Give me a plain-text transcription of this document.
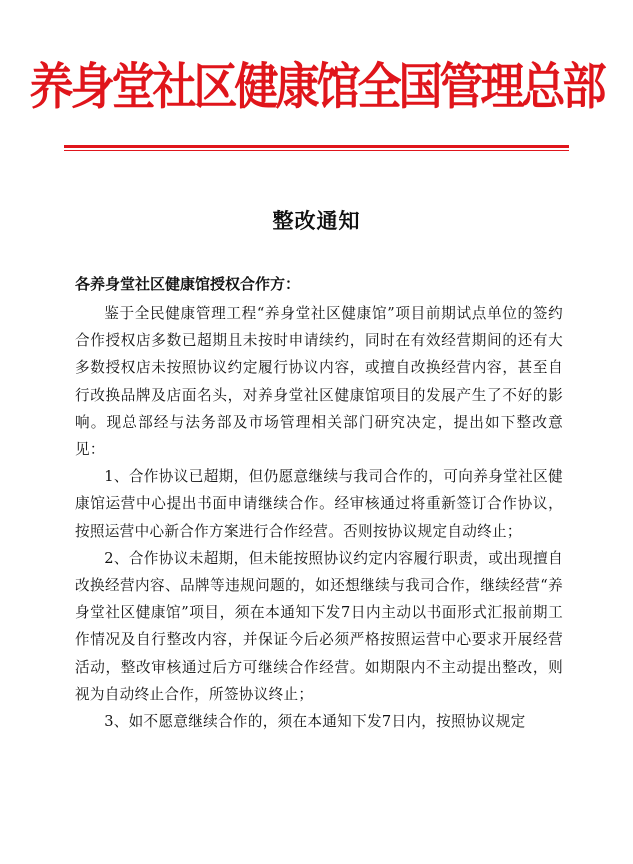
养身堂社区健康馆全国管理总部
整改通知
各养身堂社区健康馆授权合作方：

鉴于全民健康管理工程“养身堂社区健康馆”项目前期试点单位的签约合作授权店多数已超期且未按时申请续约，同时在有效经营期间的还有大多数授权店未按照协议约定履行协议内容，或擅自改换经营内容，甚至自行改换品牌及店面名头，对养身堂社区健康馆项目的发展产生了不好的影响。现总部经与法务部及市场管理相关部门研究决定，提出如下整改意见：

1、合作协议已超期，但仍愿意继续与我司合作的，可向养身堂社区健康馆运营中心提出书面申请继续合作。经审核通过将重新签订合作协议，按照运营中心新合作方案进行合作经营。否则按协议规定自动终止；

2、合作协议未超期，但未能按照协议约定内容履行职责，或出现擅自改换经营内容、品牌等违规问题的，如还想继续与我司合作，继续经营“养身堂社区健康馆”项目，须在本通知下发7日内主动以书面形式汇报前期工作情况及自行整改内容，并保证今后必须严格按照运营中心要求开展经营活动，整改审核通过后方可继续合作经营。如期限内不主动提出整改，则视为自动终止合作，所签协议终止；

3、如不愿意继续合作的，须在本通知下发7日内，按照协议规定
